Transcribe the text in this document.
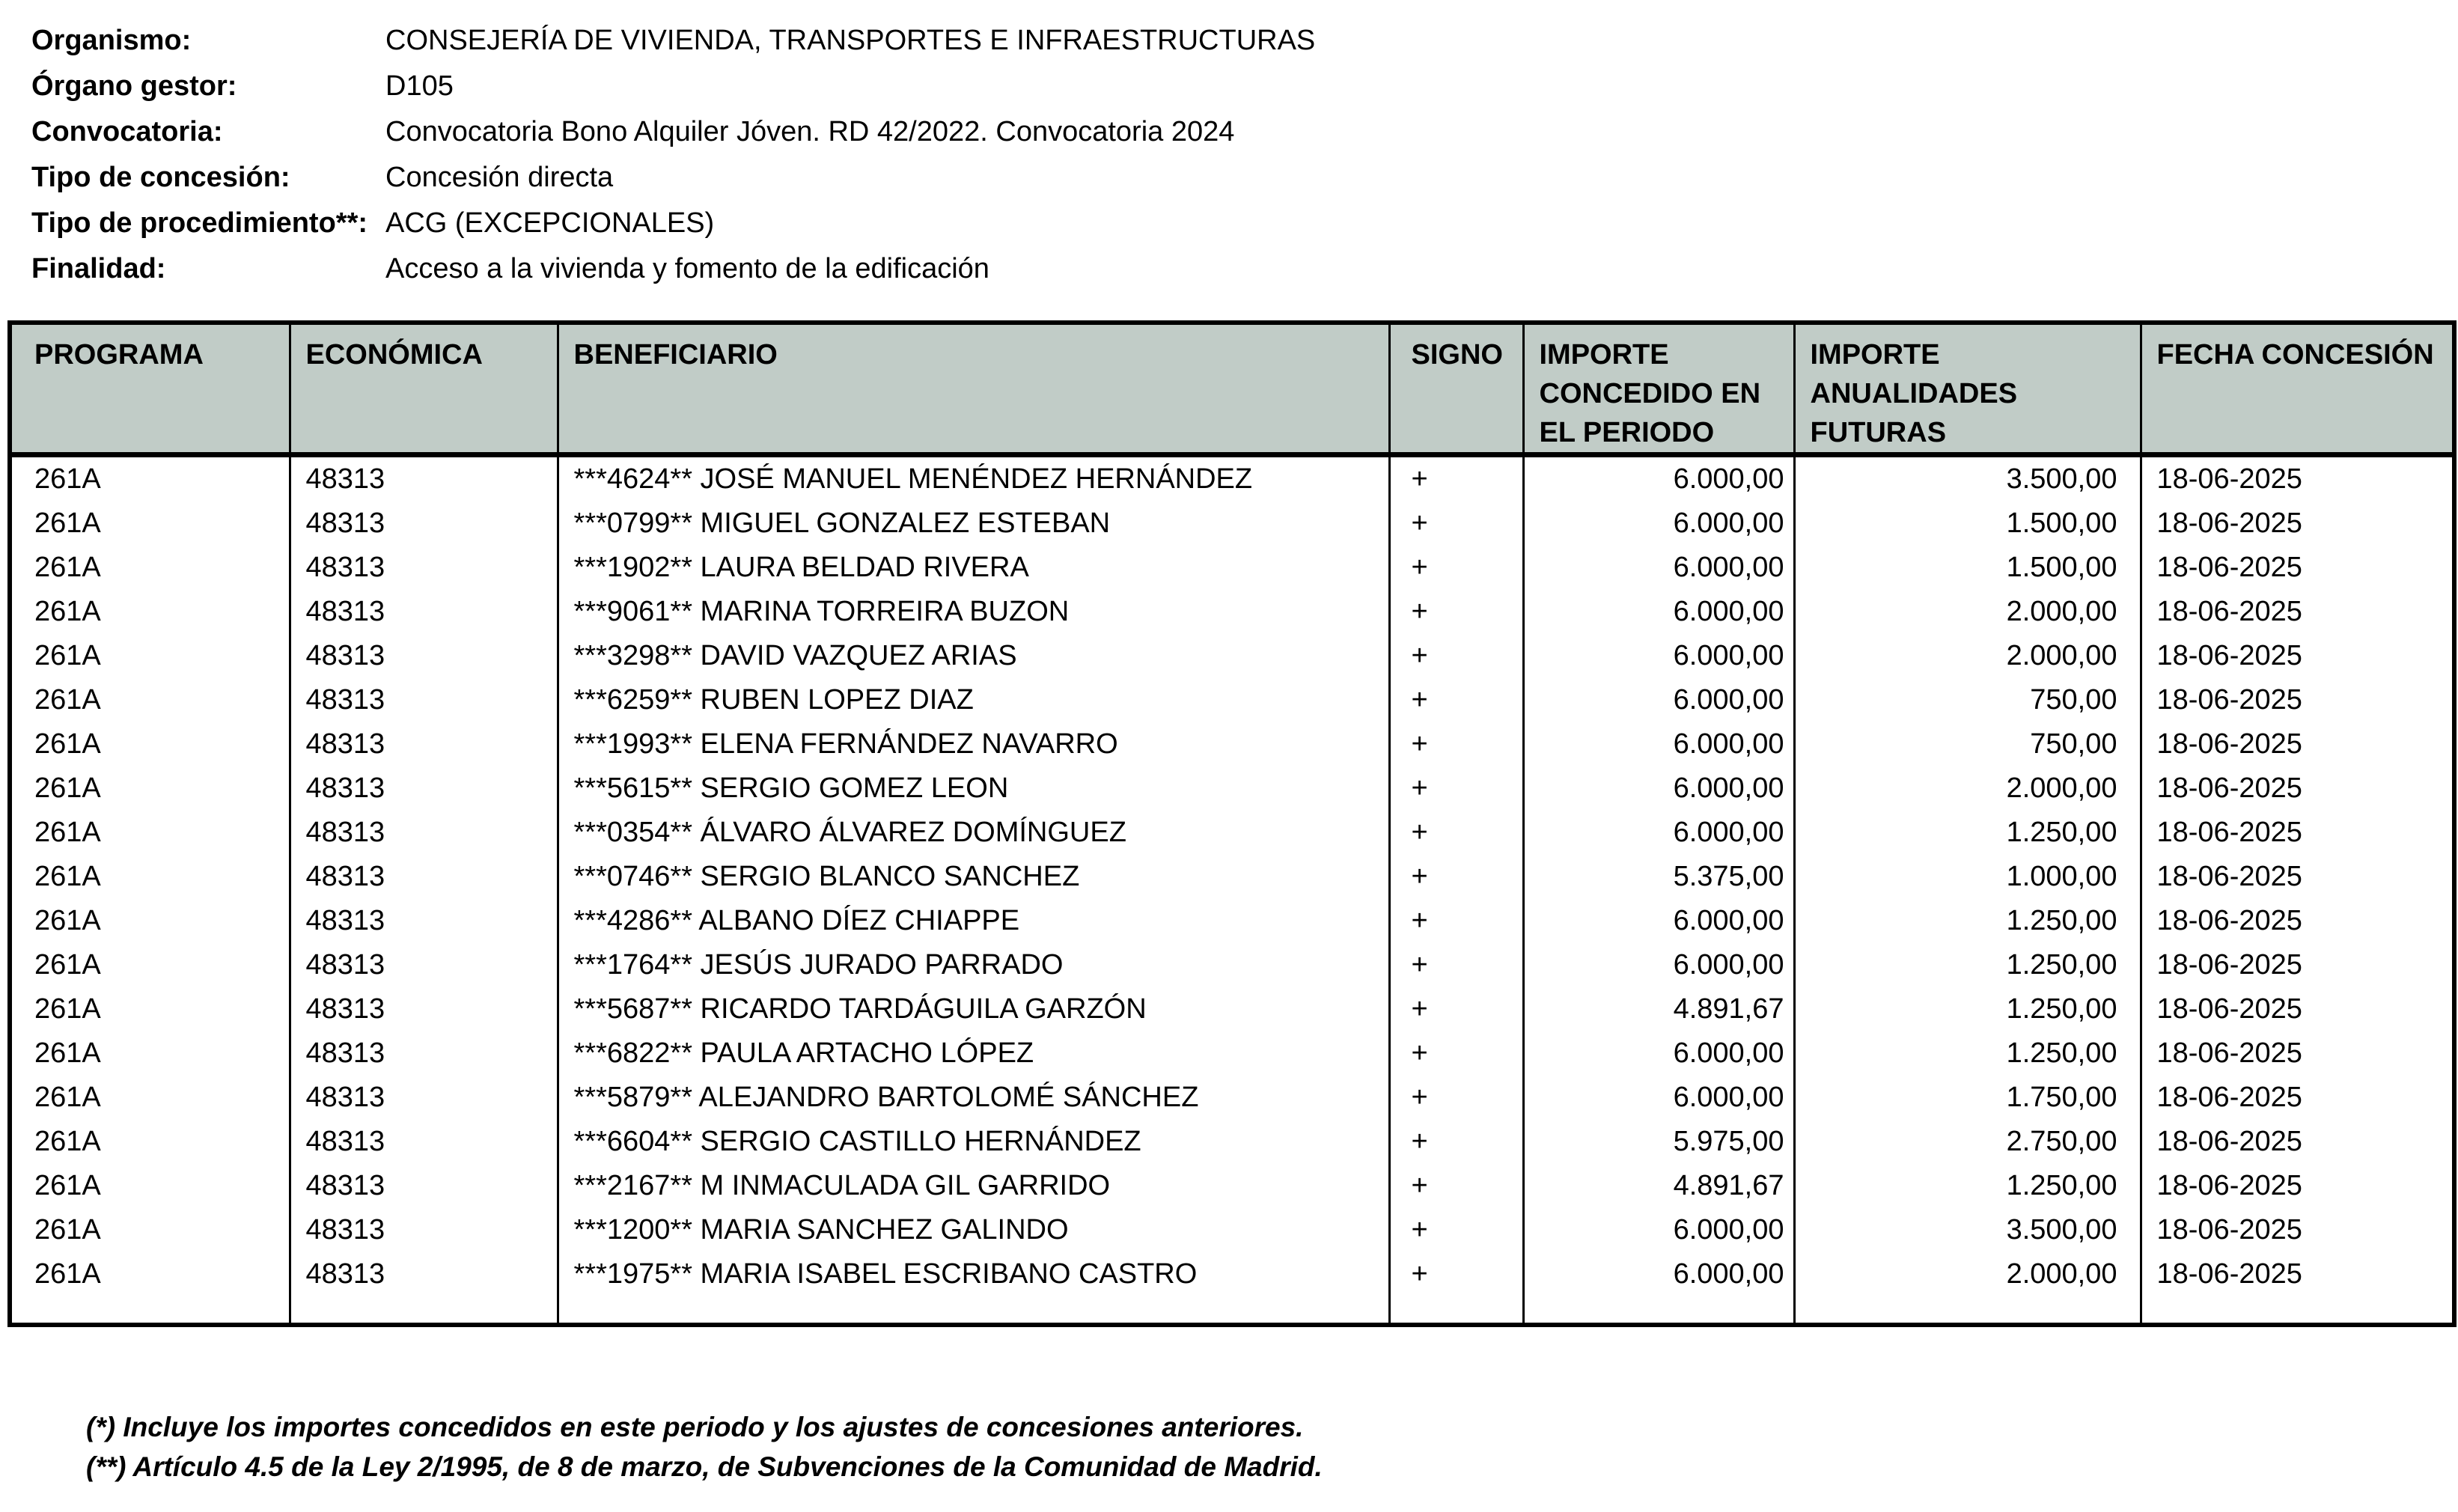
Organismo:	CONSEJERÍA DE VIVIENDA, TRANSPORTES E INFRAESTRUCTURAS
Órgano gestor:	D105
Convocatoria:	Convocatoria Bono Alquiler Jóven. RD 42/2022. Convocatoria 2024
Tipo de concesión:	Concesión directa
Tipo de procedimiento**: ACG (EXCEPCIONALES)
Finalidad:	Acceso a la vivienda y fomento de la edificación
PROGRAMA	ECONÓMICA	BENEFICIARIO	SIGNO	IMPORTE CONCEDIDO EN EL PERIODO	IMPORTE ANUALIDADES FUTURAS	FECHA CONCESIÓN
261A	48313	***4624** JOSÉ MANUEL MENÉNDEZ HERNÁNDEZ	+	6.000,00	3.500,00	18-06-2025
261A	48313	***0799** MIGUEL GONZALEZ ESTEBAN	+	6.000,00	1.500,00	18-06-2025
261A	48313	***1902** LAURA BELDAD RIVERA	+	6.000,00	1.500,00	18-06-2025
261A	48313	***9061** MARINA TORREIRA BUZON	+	6.000,00	2.000,00	18-06-2025
261A	48313	***3298** DAVID VAZQUEZ ARIAS	+	6.000,00	2.000,00	18-06-2025
261A	48313	***6259** RUBEN LOPEZ DIAZ	+	6.000,00	750,00	18-06-2025
261A	48313	***1993** ELENA FERNÁNDEZ NAVARRO	+	6.000,00	750,00	18-06-2025
261A	48313	***5615** SERGIO GOMEZ LEON	+	6.000,00	2.000,00	18-06-2025
261A	48313	***0354** ÁLVARO ÁLVAREZ DOMÍNGUEZ	+	6.000,00	1.250,00	18-06-2025
261A	48313	***0746** SERGIO BLANCO SANCHEZ	+	5.375,00	1.000,00	18-06-2025
261A	48313	***4286** ALBANO DÍEZ CHIAPPE	+	6.000,00	1.250,00	18-06-2025
261A	48313	***1764** JESÚS JURADO PARRADO	+	6.000,00	1.250,00	18-06-2025
261A	48313	***5687** RICARDO TARDÁGUILA GARZÓN	+	4.891,67	1.250,00	18-06-2025
261A	48313	***6822** PAULA ARTACHO LÓPEZ	+	6.000,00	1.250,00	18-06-2025
261A	48313	***5879** ALEJANDRO BARTOLOMÉ SÁNCHEZ	+	6.000,00	1.750,00	18-06-2025
261A	48313	***6604** SERGIO CASTILLO HERNÁNDEZ	+	5.975,00	2.750,00	18-06-2025
261A	48313	***2167** M INMACULADA GIL GARRIDO	+	4.891,67	1.250,00	18-06-2025
261A	48313	***1200** MARIA SANCHEZ GALINDO	+	6.000,00	3.500,00	18-06-2025
261A	48313	***1975** MARIA ISABEL ESCRIBANO CASTRO	+	6.000,00	2.000,00	18-06-2025

(*) Incluye los importes concedidos en este periodo y los ajustes de concesiones anteriores.
(**) Artículo 4.5 de la Ley 2/1995, de 8 de marzo, de Subvenciones de la Comunidad de Madrid.
